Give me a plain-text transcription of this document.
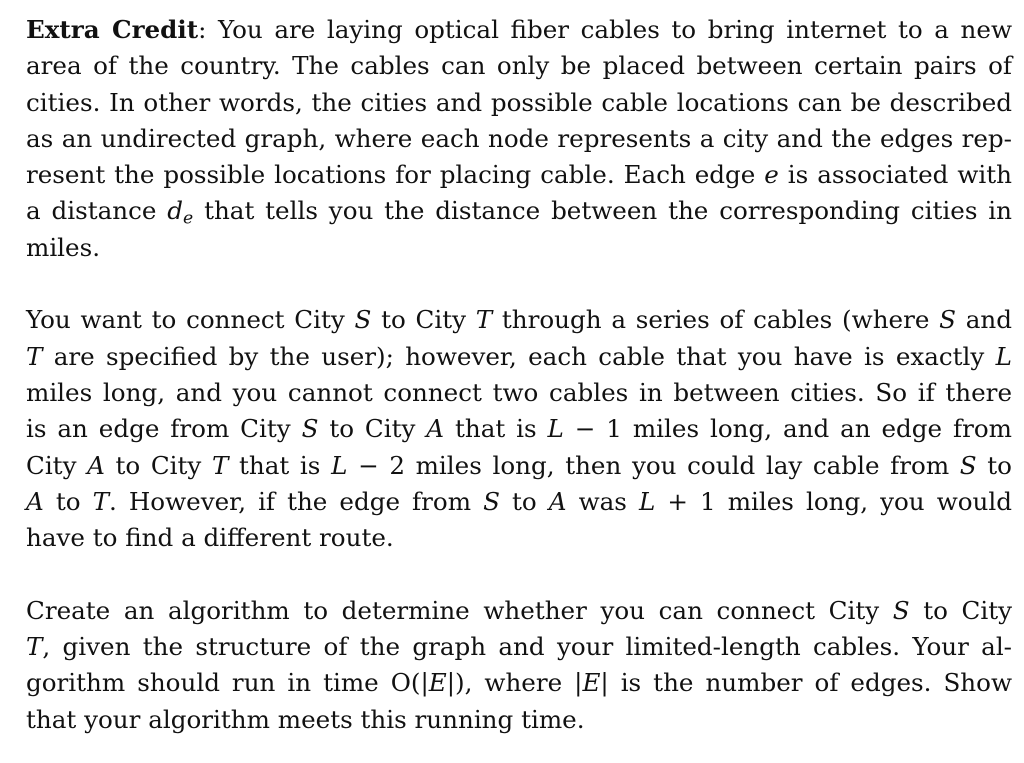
Extra Credit: You are laying optical fiber cables to bring internet to a new
area of the country. The cables can only be placed between certain pairs of
cities. In other words, the cities and possible cable locations can be described
as an undirected graph, where each node represents a city and the edges rep-
resent the possible locations for placing cable. Each edge e is associated with
a distance $d_e$ that tells you the distance between the corresponding cities in
miles.
You want to connect City S to City T through a series of cables (where S and
T are specified by the user); however, each cable that you have is exactly L
miles long, and you cannot connect two cables in between cities. So if there
is an edge from City S to City A that is L − 1 miles long, and an edge from
City A to City T that is L − 2 miles long, then you could lay cable from S to
A to T. However, if the edge from S to A was L + 1 miles long, you would
have to find a different route.
Create an algorithm to determine whether you can connect City S to City
T, given the structure of the graph and your limited-length cables. Your al-
gorithm should run in time O(|E|), where |E| is the number of edges. Show
that your algorithm meets this running time.
